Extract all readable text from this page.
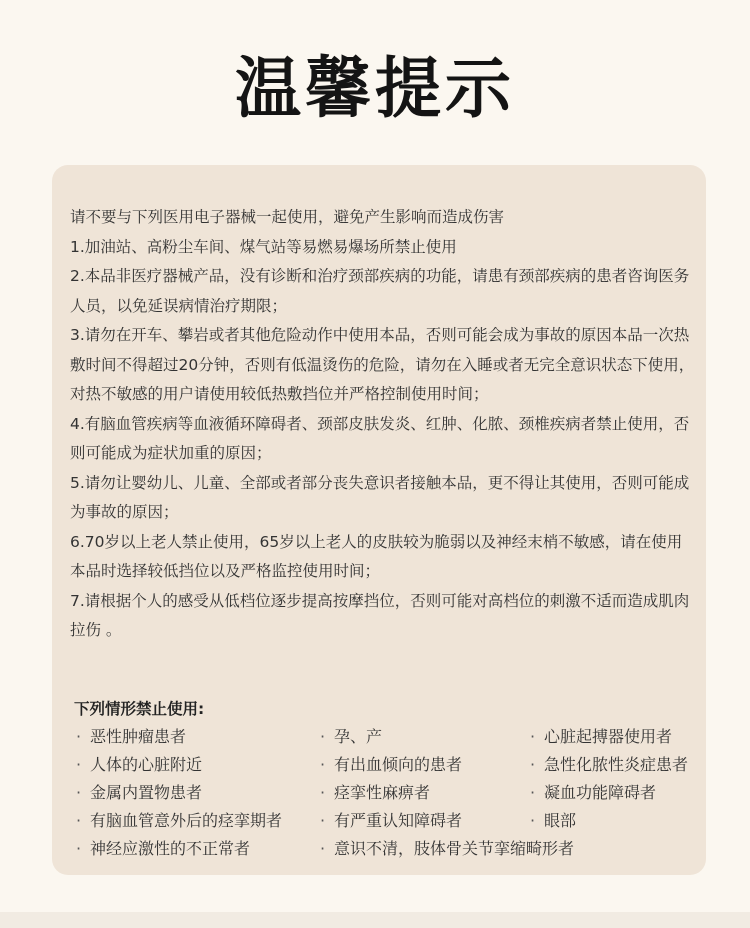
温馨提示

请不要与下列医用电子器械一起使用，避免产生影响而造成伤害

1.加油站、高粉尘车间、煤气站等易燃易爆场所禁止使用

2.本品非医疗器械产品，没有诊断和治疗颈部疾病的功能，请患有颈部疾病的患者咨询医务人员，以免延误病情治疗期限；

3.请勿在开车、攀岩或者其他危险动作中使用本品，否则可能会成为事故的原因本品一次热敷时间不得超过20分钟，否则有低温烫伤的危险，请勿在入睡或者无完全意识状态下使用，对热不敏感的用户请使用较低热敷挡位并严格控制使用时间；

4.有脑血管疾病等血液循环障碍者、颈部皮肤发炎、红肿、化脓、颈椎疾病者禁止使用，否则可能成为症状加重的原因；

5.请勿让婴幼儿、儿童、全部或者部分丧失意识者接触本品，更不得让其使用，否则可能成为事故的原因；

6.70岁以上老人禁止使用，65岁以上老人的皮肤较为脆弱以及神经末梢不敏感，请在使用本品时选择较低挡位以及严格监控使用时间；

7.请根据个人的感受从低档位逐步提高按摩挡位，否则可能对高档位的刺激不适而造成肌肉拉伤 。

下列情形禁止使用:
· 恶性肿瘤患者
· 人体的心脏附近
· 金属内置物患者
· 有脑血管意外后的痉挛期者
· 神经应激性的不正常者
· 孕、产
· 有出血倾向的患者
· 痉挛性麻痹者
· 有严重认知障碍者
· 意识不清，肢体骨关节挛缩畸形者
· 心脏起搏器使用者
· 急性化脓性炎症患者
· 凝血功能障碍者
· 眼部
